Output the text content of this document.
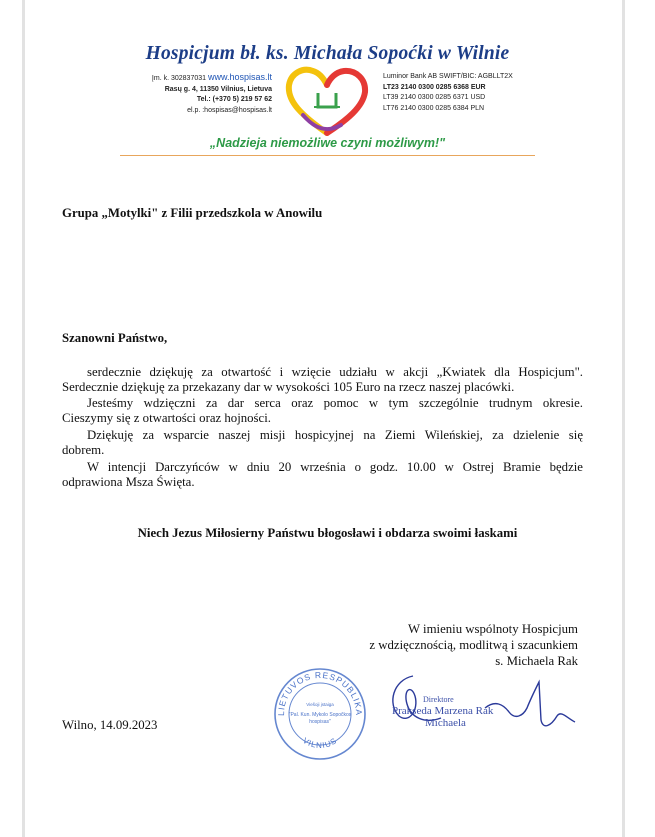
Hospicjum bł. ks. Michała Sopoćki w Wilnie
Įm. k. 302837031 www.hospisas.lt
Rasų g. 4, 11350 Vilnius, Lietuva
Tel.: (+370 5) 219 57 62
el.p. :hospisas@hospisas.lt
Luminor Bank AB SWIFT/BIC: AGBLLT2X
LT23 2140 0300 0285 6368 EUR
LT39 2140 0300 0285 6371 USD
LT76 2140 0300 0285 6384 PLN
„Nadzieja niemożliwe czyni możliwym!"
Grupa „Motylki" z Filii przedszkola w Anowilu
Szanowni Państwo,
serdecznie dziękuję za otwartość i wzięcie udziału w akcji „Kwiatek dla Hospicjum".
Serdecznie dziękuję za przekazany dar w wysokości 105 Euro na rzecz naszej placówki.
Jesteśmy wdzięczni za dar serca oraz pomoc w tym szczególnie trudnym okresie.
Cieszymy się z otwartości oraz hojności.
Dziękuję za wsparcie naszej misji hospicyjnej na Ziemi Wileńskiej, za dzielenie się
dobrem.
W intencji Darczyńców w dniu 20 września o godz. 10.00 w Ostrej Bramie będzie
odprawiona Msza Święta.
Niech Jezus Miłosierny Państwu błogosławi i obdarza swoimi łaskami
W imieniu wspólnoty Hospicjum
z wdzięcznością, modlitwą i szacunkiem
s. Michaela Rak
Wilno, 14.09.2023
LIETUVOS RESPUBLIKA
VILNIUS
Viešoji įstaiga
"Pal. Kun. Mykolo Sopočkos
hospisas"
Direktore
Prakseda Marzena Rak
Michaela
